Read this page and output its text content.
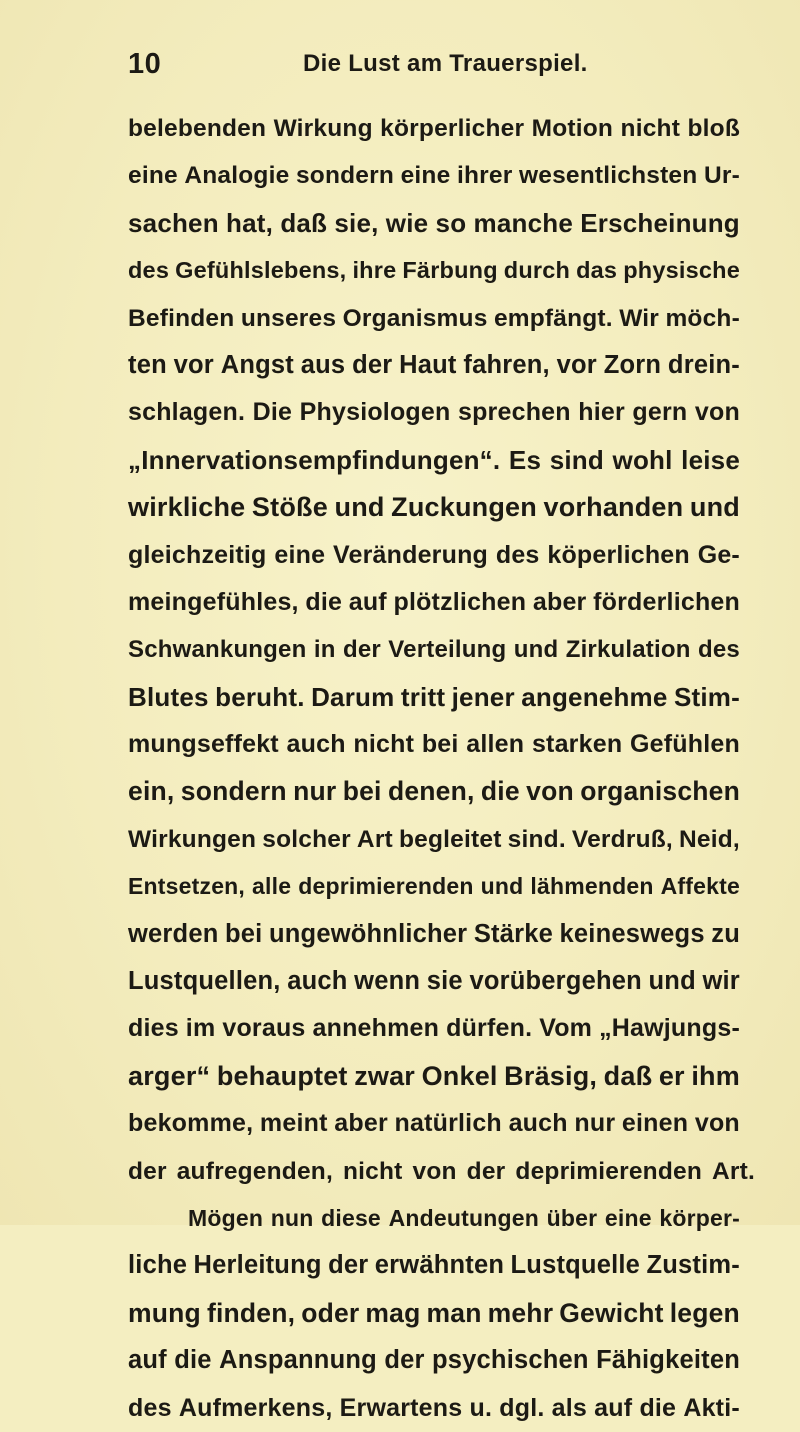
10	Die Lust am Trauerspiel.
belebenden Wirkung körperlicher Motion nicht bloß
eine Analogie sondern eine ihrer wesentlichsten Ur-
sachen hat, daß sie, wie so manche Erscheinung
des Gefühlslebens, ihre Färbung durch das physische
Befinden unseres Organismus empfängt. Wir möch-
ten vor Angst aus der Haut fahren, vor Zorn drein-
schlagen. Die Physiologen sprechen hier gern von
„Innervationsempfindungen“. Es sind wohl leise
wirkliche Stöße und Zuckungen vorhanden und
gleichzeitig eine Veränderung des köperlichen Ge-
meingefühles, die auf plötzlichen aber förderlichen
Schwankungen in der Verteilung und Zirkulation des
Blutes beruht. Darum tritt jener angenehme Stim-
mungseffekt auch nicht bei allen starken Gefühlen
ein, sondern nur bei denen, die von organischen
Wirkungen solcher Art begleitet sind. Verdruß, Neid,
Entsetzen, alle deprimierenden und lähmenden Affekte
werden bei ungewöhnlicher Stärke keineswegs zu
Lustquellen, auch wenn sie vorübergehen und wir
dies im voraus annehmen dürfen. Vom „Hawjungs-
arger“ behauptet zwar Onkel Bräsig, daß er ihm
bekomme, meint aber natürlich auch nur einen von
der aufregenden, nicht von der deprimierenden Art.
Mögen nun diese Andeutungen über eine körper-
liche Herleitung der erwähnten Lustquelle Zustim-
mung finden, oder mag man mehr Gewicht legen
auf die Anspannung der psychischen Fähigkeiten
des Aufmerkens, Erwartens u. dgl. als auf die Akti-
